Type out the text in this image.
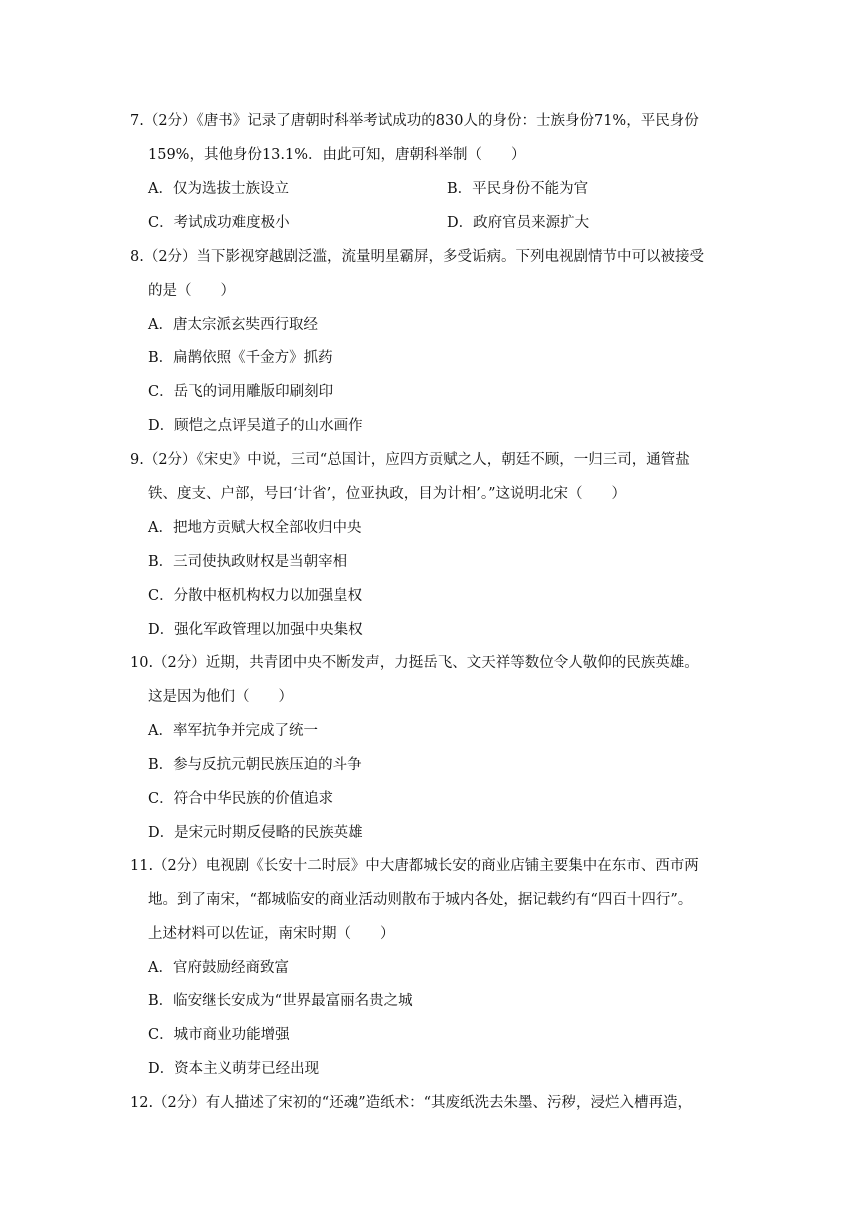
7.（2分）《唐书》记录了唐朝时科举考试成功的830人的身份：士族身份71%，平民身份
159%，其他身份13.1%．由此可知，唐朝科举制（　　）
A．仅为选拔士族设立	B．平民身份不能为官
C．考试成功难度极小	D．政府官员来源扩大
8.（2分）当下影视穿越剧泛滥，流量明星霸屏，多受诟病。下列电视剧情节中可以被接受
的是（　　）
A．唐太宗派玄奘西行取经
B．扁鹊依照《千金方》抓药
C．岳飞的词用雕版印刷刻印
D．顾恺之点评吴道子的山水画作
9.（2分）《宋史》中说，三司“总国计，应四方贡赋之人，朝廷不顾，一归三司，通管盐
铁、度支、户部，号曰‘计省’，位亚执政，目为计相’。”这说明北宋（　　）
A．把地方贡赋大权全部收归中央
B．三司使执政财权是当朝宰相
C．分散中枢机构权力以加强皇权
D．强化军政管理以加强中央集权
10.（2分）近期，共青团中央不断发声，力挺岳飞、文天祥等数位令人敬仰的民族英雄。
这是因为他们（　　）
A．率军抗争并完成了统一
B．参与反抗元朝民族压迫的斗争
C．符合中华民族的价值追求
D．是宋元时期反侵略的民族英雄
11.（2分）电视剧《长安十二时辰》中大唐都城长安的商业店铺主要集中在东市、西市两
地。到了南宋，“都城临安的商业活动则散布于城内各处，据记载约有“四百十四行”。
上述材料可以佐证，南宋时期（　　）
A．官府鼓励经商致富
B．临安继长安成为“世界最富丽名贵之城
C．城市商业功能增强
D．资本主义萌芽已经出现
12.（2分）有人描述了宋初的“还魂”造纸术：“其废纸洗去朱墨、污秽，浸烂入槽再造，
